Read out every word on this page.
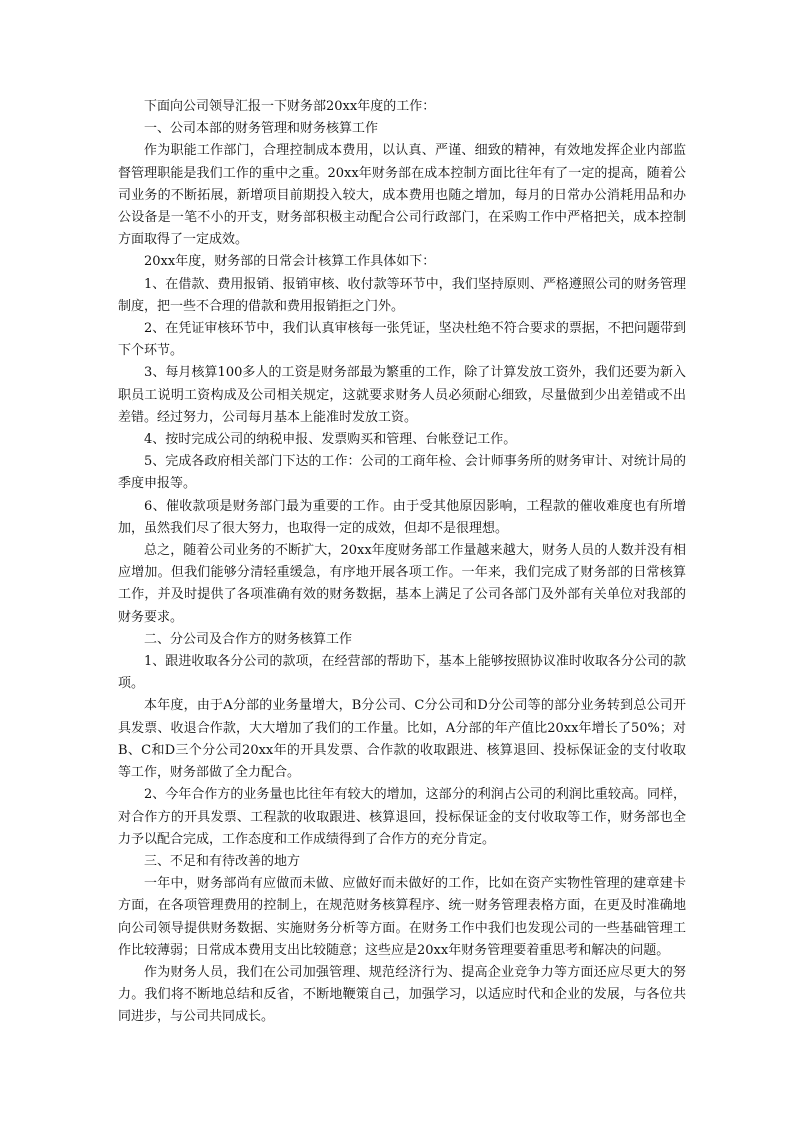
下面向公司领导汇报一下财务部20xx年度的工作：

一、公司本部的财务管理和财务核算工作

作为职能工作部门，合理控制成本费用，以认真、严谨、细致的精神，有效地发挥企业内部监督管理职能是我们工作的重中之重。20xx年财务部在成本控制方面比往年有了一定的提高，随着公司业务的不断拓展，新增项目前期投入较大，成本费用也随之增加，每月的日常办公消耗用品和办公设备是一笔不小的开支，财务部积极主动配合公司行政部门，在采购工作中严格把关，成本控制方面取得了一定成效。

20xx年度，财务部的日常会计核算工作具体如下：

1、在借款、费用报销、报销审核、收付款等环节中，我们坚持原则、严格遵照公司的财务管理制度，把一些不合理的借款和费用报销拒之门外。

2、在凭证审核环节中，我们认真审核每一张凭证，坚决杜绝不符合要求的票据，不把问题带到下个环节。

3、每月核算100多人的工资是财务部最为繁重的工作，除了计算发放工资外，我们还要为新入职员工说明工资构成及公司相关规定，这就要求财务人员必须耐心细致，尽量做到少出差错或不出差错。经过努力，公司每月基本上能准时发放工资。

4、按时完成公司的纳税申报、发票购买和管理、台帐登记工作。

5、完成各政府相关部门下达的工作：公司的工商年检、会计师事务所的财务审计、对统计局的季度申报等。

6、催收款项是财务部门最为重要的工作。由于受其他原因影响，工程款的催收难度也有所增加，虽然我们尽了很大努力，也取得一定的成效，但却不是很理想。

总之，随着公司业务的不断扩大，20xx年度财务部工作量越来越大，财务人员的人数并没有相应增加。但我们能够分清轻重缓急，有序地开展各项工作。一年来，我们完成了财务部的日常核算工作，并及时提供了各项准确有效的财务数据，基本上满足了公司各部门及外部有关单位对我部的财务要求。

二、分公司及合作方的财务核算工作

1、跟进收取各分公司的款项，在经营部的帮助下，基本上能够按照协议准时收取各分公司的款项。

本年度，由于A分部的业务量增大，B分公司、C分公司和D分公司等的部分业务转到总公司开具发票、收退合作款，大大增加了我们的工作量。比如，A分部的年产值比20xx年增长了50%；对B、C和D三个分公司20xx年的开具发票、合作款的收取跟进、核算退回、投标保证金的支付收取等工作，财务部做了全力配合。

2、今年合作方的业务量也比往年有较大的增加，这部分的利润占公司的利润比重较高。同样，对合作方的开具发票、工程款的收取跟进、核算退回，投标保证金的支付收取等工作，财务部也全力予以配合完成，工作态度和工作成绩得到了合作方的充分肯定。

三、不足和有待改善的地方

一年中，财务部尚有应做而未做、应做好而未做好的工作，比如在资产实物性管理的建章建卡方面，在各项管理费用的控制上，在规范财务核算程序、统一财务管理表格方面，在更及时准确地向公司领导提供财务数据、实施财务分析等方面。在财务工作中我们也发现公司的一些基础管理工作比较薄弱；日常成本费用支出比较随意；这些应是20xx年财务管理要着重思考和解决的问题。

作为财务人员，我们在公司加强管理、规范经济行为、提高企业竞争力等方面还应尽更大的努力。我们将不断地总结和反省，不断地鞭策自己，加强学习，以适应时代和企业的发展，与各位共同进步，与公司共同成长。
